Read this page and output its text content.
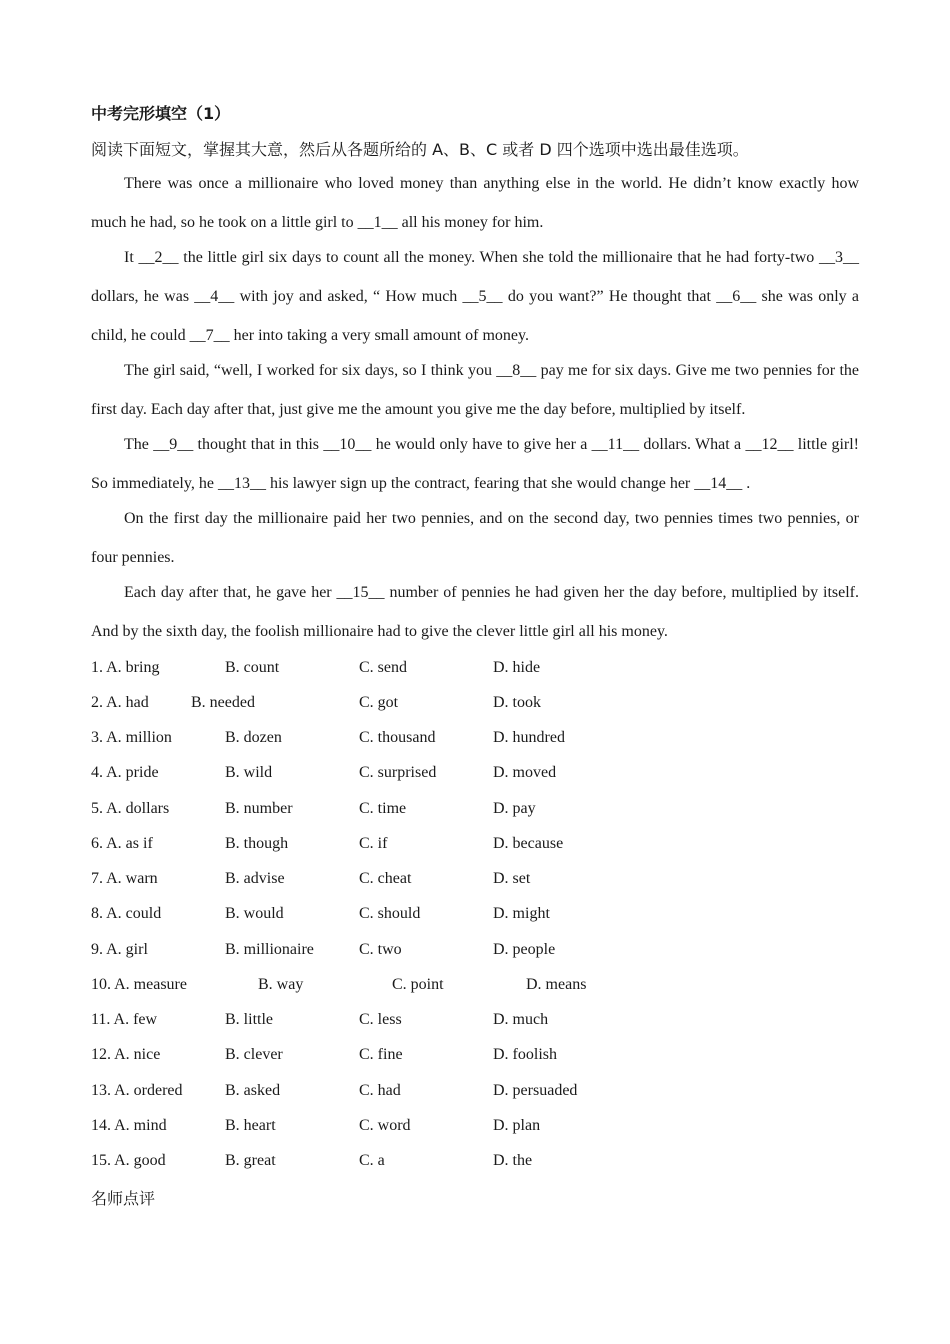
中考完形填空（1）
阅读下面短文，掌握其大意，然后从各题所给的 A、B、C 或者 D 四个选项中选出最佳选项。

There was once a millionaire who loved money than anything else in the world. He didn’t know exactly how much he had, so he took on a little girl to __1__ all his money for him.

It __2__ the little girl six days to count all the money. When she told the millionaire that he had forty-two __3__ dollars, he was __4__ with joy and asked, “ How much __5__ do you want?” He thought that __6__ she was only a child, he could __7__ her into taking a very small amount of money.

The girl said, “well, I worked for six days, so I think you __8__ pay me for six days. Give me two pennies for the first day. Each day after that, just give me the amount you give me the day before, multiplied by itself.

The __9__ thought that in this __10__ he would only have to give her a __11__ dollars. What a __12__ little girl! So immediately, he __13__ his lawyer sign up the contract, fearing that she would change her __14__ .

On the first day the millionaire paid her two pennies, and on the second day, two pennies times two pennies, or four pennies.

Each day after that, he gave her __15__ number of pennies he had given her the day before, multiplied by itself. And by the sixth day, the foolish millionaire had to give the clever little girl all his money.

1. A. bring	B. count	C. send	D. hide
2. A. had	B. needed	C. got	D. took
3. A. million	B. dozen	C. thousand	D. hundred
4. A. pride	B. wild	C. surprised	D. moved
5. A. dollars	B. number	C. time	D. pay
6. A. as if	B. though	C. if	D. because
7. A. warn	B. advise	C. cheat	D. set
8. A. could	B. would	C. should	D. might
9. A. girl	B. millionaire	C. two	D. people
10. A. measure	B. way	C. point	D. means
11. A. few	B. little	C. less	D. much
12. A. nice	B. clever	C. fine	D. foolish
13. A. ordered	B. asked	C. had	D. persuaded
14. A. mind	B. heart	C. word	D. plan
15. A. good	B. great	C. a	D. the
名师点评
